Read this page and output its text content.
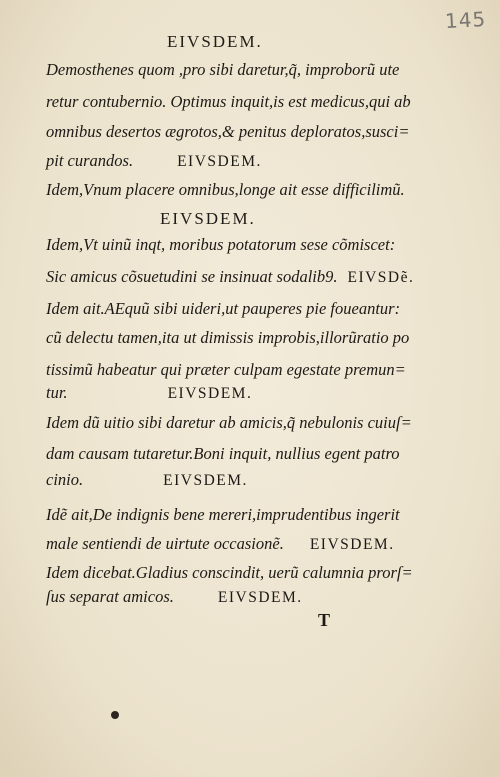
145
EIVSDEM.
Demosthenes quom ,pro sibi daretur,q̃, improborũ ute
retur contubernio. Optimus inquit,is est medicus,qui ab
omnibus desertos ægrotos,& penitus deploratos,susci=
pit curandos.	EIVSDEM.
Idem,Vnum placere omnibus,longe ait esse difficilimũ.
EIVSDEM.
Idem,Vt uinũ inqt, moribus potatorum sese cõmiscet:
Sic amicus cõsuetudini se insinuat sodalib9. EIVSDẽ.
Idem ait.AEquũ sibi uideri,ut pauperes pie foueantur:
cũ delectu tamen,ita ut dimissis improbis,illorũratio po
tissimũ habeatur qui præter culpam egestate premun=
tur.	EIVSDEM.
Idem dũ uitio sibi daretur ab amicis,q̃ nebulonis cuiuſ=
dam causam tutaretur.Boni inquit, nullius egent patro
cinio.	EIVSDEM.
Idẽ ait,De indignis bene mereri,imprudentibus ingerit
male sentiendi de uirtute occasionẽ. EIVSDEM.
Idem dicebat.Gladius conscindit, uerũ calumnia prorſ=
ſus separat amicos.	EIVSDEM.
T
